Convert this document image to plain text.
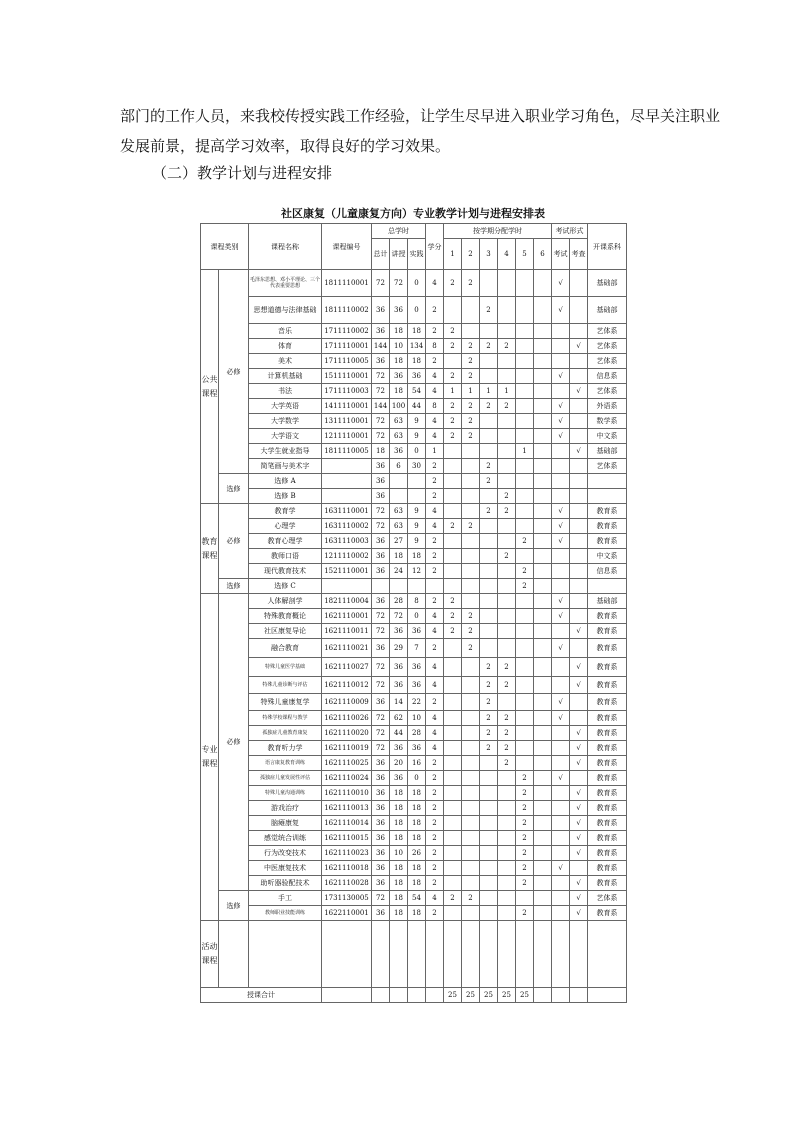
部门的工作人员，来我校传授实践工作经验，让学生尽早进入职业学习角色，尽早关注职业
发展前景，提高学习效率，取得良好的学习效果。
（二）教学计划与进程安排
社区康复（儿童康复方向）专业教学计划与进程安排表
课程类别		课程名称	课程编号	总学时			学分	按学期分配学时						考试形式		开课系科
				总计	讲授	实践		1	2	3	4	5	6	考试	考查	
公共课程	必修	毛泽东思想、邓小平理论、三个代表重要思想	1811110001	72	72	0	4	2	2					√		基础部
		思想道德与法律基础	1811110002	36	36	0	2			2				√		基础部
		音乐	1711110002	36	18	18	2	2								艺体系
		体育	1711110001	144	10	134	8	2	2	2	2				√	艺体系
		美术	1711110005	36	18	18	2		2							艺体系
		计算机基础	1511110001	72	36	36	4	2	2					√		信息系
		书法	1711110003	72	18	54	4	1	1	1	1				√	艺体系
		大学英语	1411110001	144	100	44	8	2	2	2	2			√		外语系
		大学数学	1311110001	72	63	9	4	2	2					√		数学系
		大学语文	1211110001	72	63	9	4	2	2					√		中文系
		大学生就业指导	1811110005	18	36	0	1					1			√	基础部
		简笔画与美术字		36	6	30	2			2						艺体系
	选修	选修 A		36			2			2						
		选修 B		36			2				2					
教育课程	必修	教育学	1631110001	72	63	9	4			2	2			√		教育系
		心理学	1631110002	72	63	9	4	2	2					√		教育系
		教育心理学	1631110003	36	27	9	2					2		√		教育系
		教师口语	1211110002	36	18	18	2				2					中文系
		现代教育技术	1521110001	36	24	12	2					2				信息系
	选修	选修 C										2				
专业课程	必修	人体解剖学	1821110004	36	28	8	2	2						√		基础部
		特殊教育概论	1621110001	72	72	0	4	2	2					√		教育系
		社区康复导论	1621110011	72	36	36	4	2	2						√	教育系
		融合教育	1621110021	36	29	7	2		2					√		教育系
		特殊儿童医学基础	1621110027	72	36	36	4			2	2				√	教育系
		特殊儿童诊断与评估	1621110012	72	36	36	4			2	2				√	教育系
		特殊儿童康复学	1621110009	36	14	22	2			2				√		教育系
		特殊学校课程与教学	1621110026	72	62	10	4			2	2			√		教育系
		孤独症儿童教育康复	1621110020	72	44	28	4			2	2				√	教育系
		教育听力学	1621110019	72	36	36	4			2	2				√	教育系
		语言康复教育训练	1621110025	36	20	16	2				2				√	教育系
		孤独症儿童发展性评估	1621110024	36	36	0	2					2		√		教育系
		特殊儿童沟通训练	1621110010	36	18	18	2					2			√	教育系
		游戏治疗	1621110013	36	18	18	2					2			√	教育系
		脑瘫康复	1621110014	36	18	18	2					2			√	教育系
		感觉统合训练	1621110015	36	18	18	2					2			√	教育系
		行为改变技术	1621110023	36	10	26	2					2			√	教育系
		中医康复技术	1621110018	36	18	18	2					2		√		教育系
		助听器验配技术	1621110028	36	18	18	2					2			√	教育系
	选修	手工	1731130005	72	18	54	4	2	2						√	艺体系
		教师职业技能训练	1622110001	36	18	18	2					2			√	教育系
活动课程																
授课合计								25	25	25	25	25				
